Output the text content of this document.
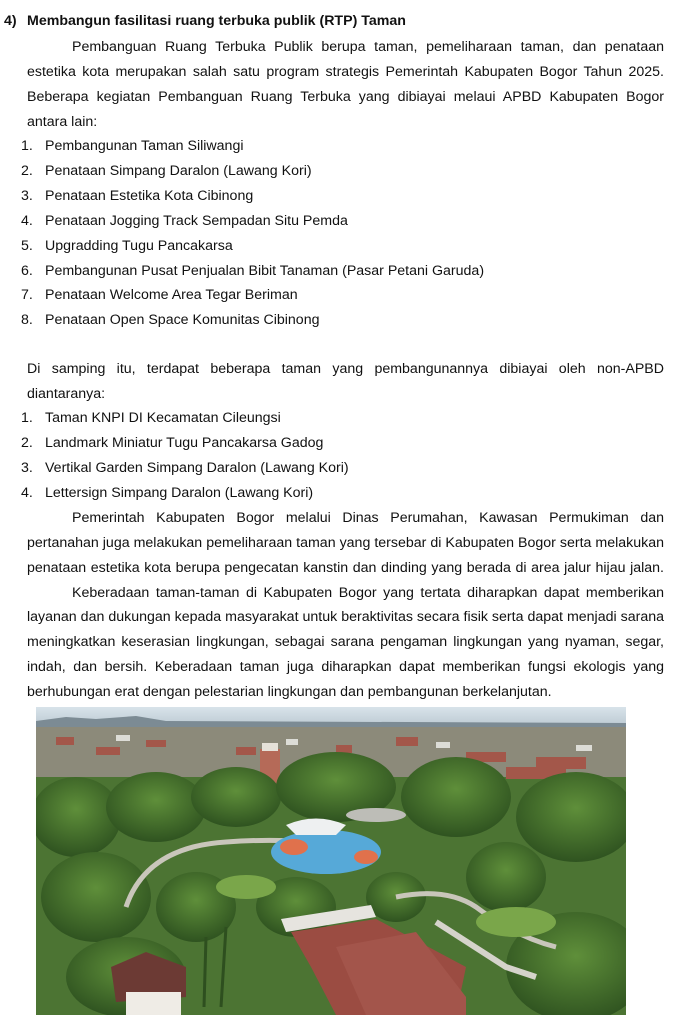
4) Membangun fasilitasi ruang terbuka publik (RTP) Taman
Pembanguan Ruang Terbuka Publik berupa taman, pemeliharaan taman, dan penataan
estetika kota merupakan salah satu program strategis Pemerintah Kabupaten Bogor Tahun 2025.
Beberapa kegiatan Pembanguan Ruang Terbuka yang dibiayai melaui APBD Kabupaten Bogor
antara lain:
1. Pembangunan Taman Siliwangi
2. Penataan Simpang Daralon (Lawang Kori)
3. Penataan Estetika Kota Cibinong
4. Penataan Jogging Track Sempadan Situ Pemda
5. Upgradding Tugu Pancakarsa
6. Pembangunan Pusat Penjualan Bibit Tanaman (Pasar Petani Garuda)
7. Penataan Welcome Area Tegar Beriman
8. Penataan Open Space Komunitas Cibinong
Di samping itu, terdapat beberapa taman yang pembangunannya dibiayai oleh non-APBD
diantaranya:
1. Taman KNPI DI Kecamatan Cileungsi
2. Landmark Miniatur Tugu Pancakarsa Gadog
3. Vertikal Garden Simpang Daralon (Lawang Kori)
4. Lettersign Simpang Daralon (Lawang Kori)
Pemerintah Kabupaten Bogor melalui Dinas Perumahan, Kawasan Permukiman dan
pertanahan juga melakukan pemeliharaan taman yang tersebar di Kabupaten Bogor serta melakukan
penataan estetika kota berupa pengecatan kanstin dan dinding yang berada di area jalur hijau jalan.
Keberadaan taman-taman di Kabupaten Bogor yang tertata diharapkan dapat memberikan
layanan dan dukungan kepada masyarakat untuk beraktivitas secara fisik serta dapat menjadi sarana
meningkatkan keserasian lingkungan, sebagai sarana pengaman lingkungan yang nyaman, segar,
indah, dan bersih. Keberadaan taman juga diharapkan dapat memberikan fungsi ekologis yang
berhubungan erat dengan pelestarian lingkungan dan pembangunan berkelanjutan.
